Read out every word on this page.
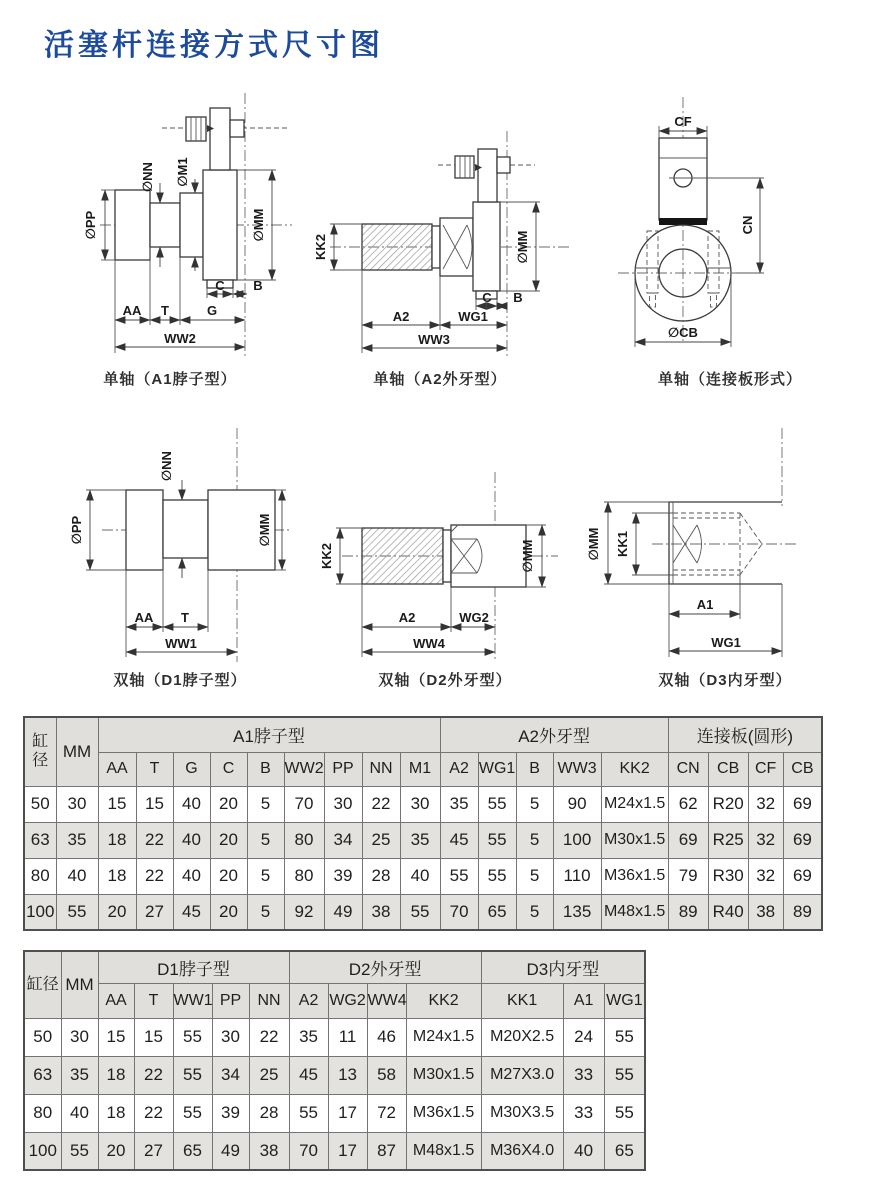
活塞杆连接方式尺寸图
∅PP
∅NN ∅M1
∅MM
C B
AA T	G
WW2
单轴（A1脖子型）
KK2	∅MM
C B
A2	WG1
WW3
单轴（A2外牙型）
CF
CN
∅CB
单轴（连接板形式）
∅NN
∅PP	∅MM
AA T
WW1
双轴（D1脖子型）
KK2	∅MM
A2	WG2
WW4
双轴（D2外牙型）
KK1
∅MM
A1
WG1
双轴（D3内牙型）
缸径	MM	A1脖子型									A2外牙型					连接板(圆形)			
		AA	T	G	C	B	WW2	PP	NN	M1	A2	WG1	B	WW3	KK2	CN	CB	CF	CB
50	30	15	15	40	20	5	70	30	22	30	35	55	5	90	M24x1.5	62	R20	32	69
63	35	18	22	40	20	5	80	34	25	35	45	55	5	100	M30x1.5	69	R25	32	69
80	40	18	22	40	20	5	80	39	28	40	55	55	5	110	M36x1.5	79	R30	32	69
100	55	20	27	45	20	5	92	49	38	55	70	65	5	135	M48x1.5	89	R40	38	89
缸径	MM	D1脖子型					D2外牙型				D3内牙型		
		AA	T	WW1	PP	NN	A2	WG2	WW4	KK2	KK1	A1	WG1
50	30	15	15	55	30	22	35	11	46	M24x1.5	M20X2.5	24	55
63	35	18	22	55	34	25	45	13	58	M30x1.5	M27X3.0	33	55
80	40	18	22	55	39	28	55	17	72	M36x1.5	M30X3.5	33	55
100	55	20	27	65	49	38	70	17	87	M48x1.5	M36X4.0	40	65
